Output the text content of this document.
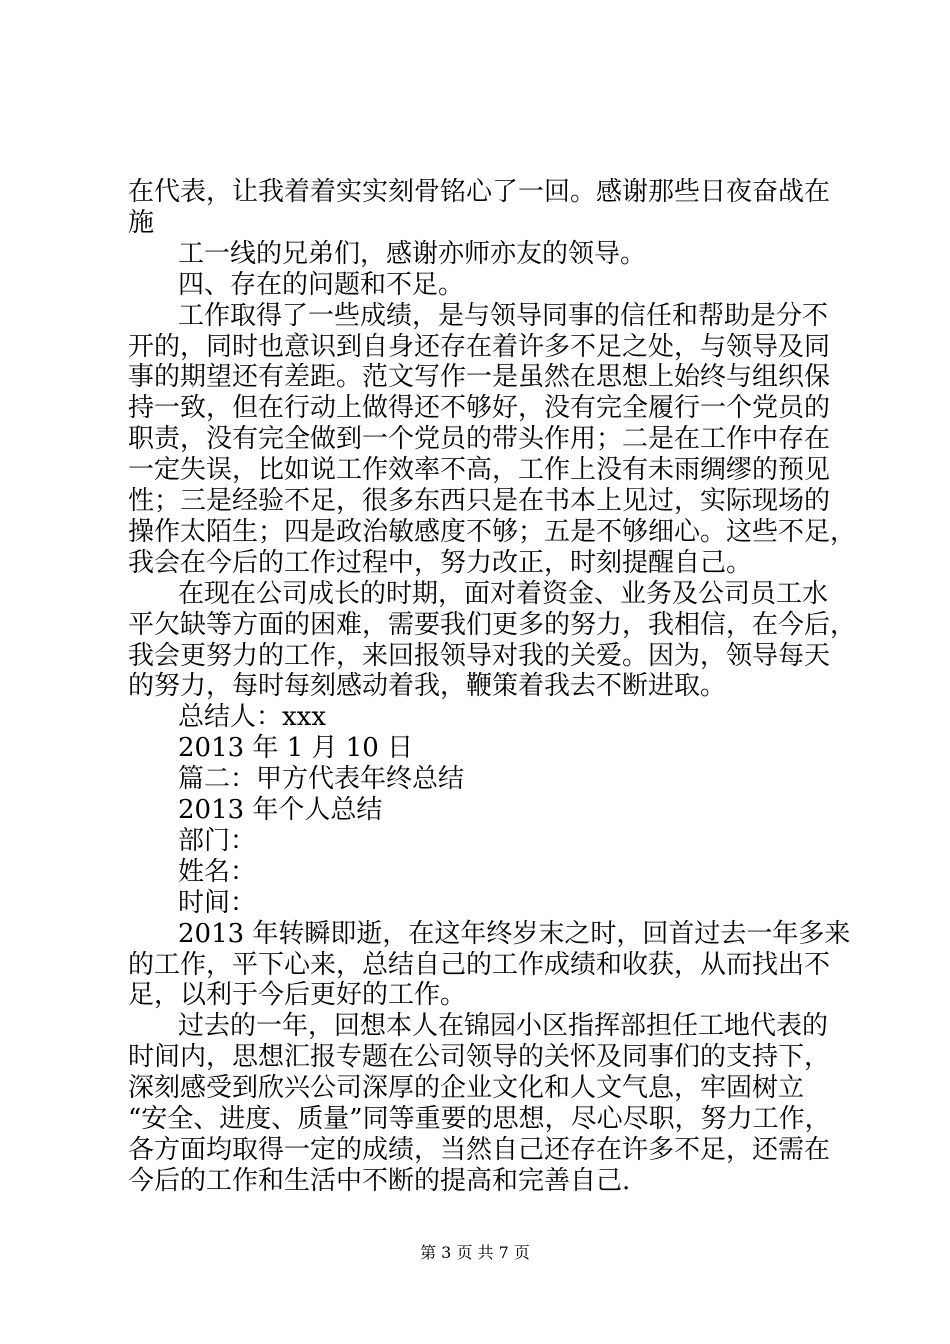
在代表，让我着着实实刻骨铭心了一回。感谢那些日夜奋战在
施
工一线的兄弟们，感谢亦师亦友的领导。
四、存在的问题和不足。
工作取得了一些成绩，是与领导同事的信任和帮助是分不
开的，同时也意识到自身还存在着许多不足之处，与领导及同
事的期望还有差距。范文写作一是虽然在思想上始终与组织保
持一致，但在行动上做得还不够好，没有完全履行一个党员的
职责，没有完全做到一个党员的带头作用；二是在工作中存在
一定失误，比如说工作效率不高，工作上没有未雨绸缪的预见
性；三是经验不足，很多东西只是在书本上见过，实际现场的
操作太陌生；四是政治敏感度不够；五是不够细心。这些不足，
我会在今后的工作过程中，努力改正，时刻提醒自己。
在现在公司成长的时期，面对着资金、业务及公司员工水
平欠缺等方面的困难，需要我们更多的努力，我相信，在今后，
我会更努力的工作，来回报领导对我的关爱。因为，领导每天
的努力，每时每刻感动着我，鞭策着我去不断进取。
总结人：xxx
2013 年 1 月 10 日
篇二：甲方代表年终总结
2013 年个人总结
部门：
姓名：
时间：
2013 年转瞬即逝，在这年终岁末之时，回首过去一年多来
的工作，平下心来，总结自己的工作成绩和收获，从而找出不
足，以利于今后更好的工作。
过去的一年，回想本人在锦园小区指挥部担任工地代表的
时间内，思想汇报专题在公司领导的关怀及同事们的支持下，
深刻感受到欣兴公司深厚的企业文化和人文气息，牢固树立
“安全、进度、质量”同等重要的思想，尽心尽职，努力工作，
各方面均取得一定的成绩，当然自己还存在许多不足，还需在
今后的工作和生活中不断的提高和完善自己.
第 3 页 共 7 页
